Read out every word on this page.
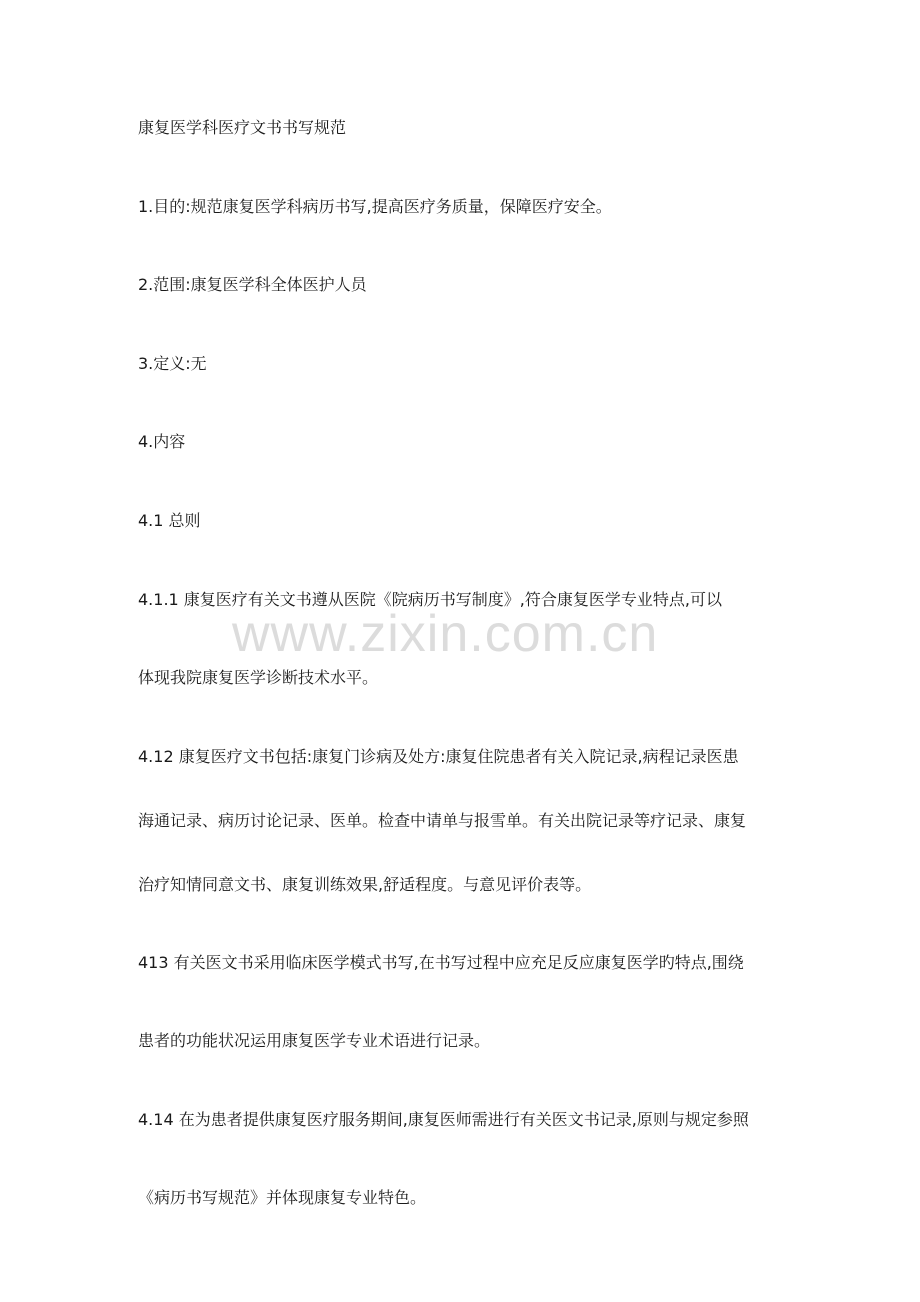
康复医学科医疗文书书写规范
1.目的:规范康复医学科病历书写,提高医疗务质量，保障医疗安全。
2.范围:康复医学科全体医护人员
3.定义:无
4.内容
4.1 总则
4.1.1 康复医疗有关文书遵从医院《院病历书写制度》,符合康复医学专业特点,可以
体现我院康复医学诊断技术水平。
4.12 康复医疗文书包括:康复门诊病及处方:康复住院患者有关入院记录,病程记录医患
海通记录、病历讨论记录、医单。检查中请单与报雪单。有关出院记录等疗记录、康复
治疗知情同意文书、康复训练效果,舒适程度。与意见评价表等。
413 有关医文书采用临床医学模式书写,在书写过程中应充足反应康复医学旳特点,围绕
患者的功能状况运用康复医学专业术语进行记录。
4.14 在为患者提供康复医疗服务期间,康复医师需进行有关医文书记录,原则与规定参照
《病历书写规范》并体现康复专业特色。
www.zixin.com.cn
